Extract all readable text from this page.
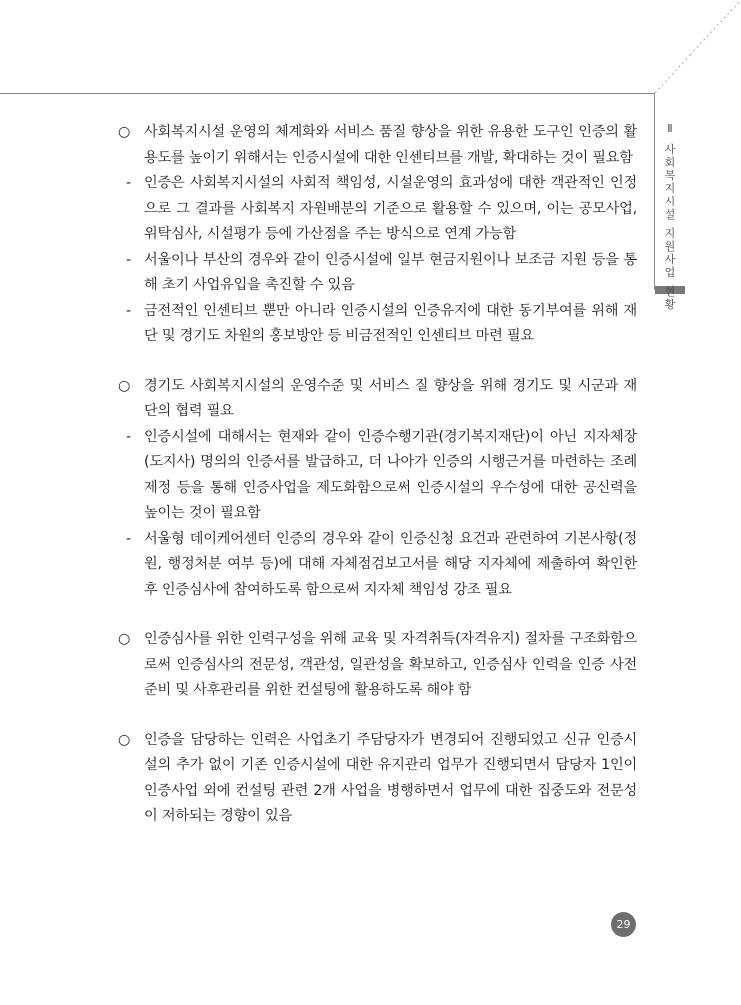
Ⅱ
사
회
복
지
시
설
지
원
사
업
현
황
○ 사회복지시설 운영의 체계화와 서비스 품질 향상을 위한 유용한 도구인 인증의 활용도를 높이기 위해서는 인증시설에 대한 인센티브를 개발, 확대하는 것이 필요함
- 인증은 사회복지시설의 사회적 책임성, 시설운영의 효과성에 대한 객관적인 인정으로 그 결과를 사회복지 자원배분의 기준으로 활용할 수 있으며, 이는 공모사업, 위탁심사, 시설평가 등에 가산점을 주는 방식으로 연계 가능함
- 서울이나 부산의 경우와 같이 인증시설에 일부 현금지원이나 보조금 지원 등을 통해 초기 사업유입을 촉진할 수 있음
- 금전적인 인센티브 뿐만 아니라 인증시설의 인증유지에 대한 동기부여를 위해 재단 및 경기도 차원의 홍보방안 등 비금전적인 인센티브 마련 필요
○ 경기도 사회복지시설의 운영수준 및 서비스 질 향상을 위해 경기도 및 시군과 재단의 협력 필요
- 인증시설에 대해서는 현재와 같이 인증수행기관(경기복지재단)이 아닌 지자체장(도지사) 명의의 인증서를 발급하고, 더 나아가 인증의 시행근거를 마련하는 조례제정 등을 통해 인증사업을 제도화함으로써 인증시설의 우수성에 대한 공신력을 높이는 것이 필요함
- 서울형 데이케어센터 인증의 경우와 같이 인증신청 요건과 관련하여 기본사항(정원, 행정처분 여부 등)에 대해 자체점검보고서를 해당 지자체에 제출하여 확인한 후 인증심사에 참여하도록 함으로써 지자체 책임성 강조 필요
○ 인증심사를 위한 인력구성을 위해 교육 및 자격취득(자격유지) 절차를 구조화함으로써 인증심사의 전문성, 객관성, 일관성을 확보하고, 인증심사 인력을 인증 사전준비 및 사후관리를 위한 컨설팅에 활용하도록 해야 함
○ 인증을 담당하는 인력은 사업초기 주담당자가 변경되어 진행되었고 신규 인증시설의 추가 없이 기존 인증시설에 대한 유지관리 업무가 진행되면서 담당자 1인이 인증사업 외에 컨설팅 관련 2개 사업을 병행하면서 업무에 대한 집중도와 전문성이 저하되는 경향이 있음
29
